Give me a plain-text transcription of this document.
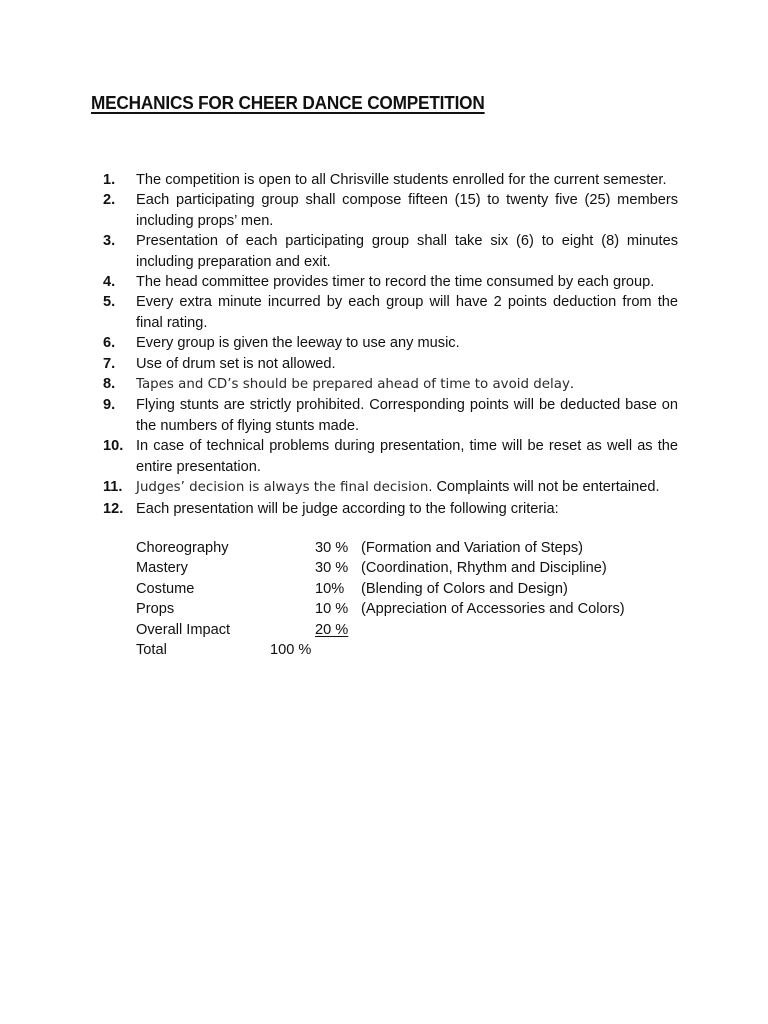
MECHANICS FOR CHEER DANCE COMPETITION
1.	The competition is open to all Chrisville students enrolled for the current semester.
2.	Each participating group shall compose fifteen (15) to twenty five (25) members including props’ men.
3.	Presentation of each participating group shall take six (6) to eight (8) minutes including preparation and exit.
4.	The head committee provides timer to record the time consumed by each group.
5.	Every extra minute incurred by each group will have 2 points deduction from the final rating.
6.	Every group is given the leeway to use any music.
7.	Use of drum set is not allowed.
8.	Tapes and CD’s should be prepared ahead of time to avoid delay.
9.	Flying stunts are strictly prohibited. Corresponding points will be deducted base on the numbers of flying stunts made.
10. In case of technical problems during presentation, time will be reset as well as the entire presentation.
11.	Judges’ decision is always the final decision. Complaints will not be entertained.
12. Each presentation will be judge according to the following criteria:
Choreography	30 % (Formation and Variation of Steps)
Mastery	30 % (Coordination, Rhythm and Discipline)
Costume	10% (Blending of Colors and Design)
Props	10 % (Appreciation of Accessories and Colors)
Overall Impact	20 %
Total	100 %
